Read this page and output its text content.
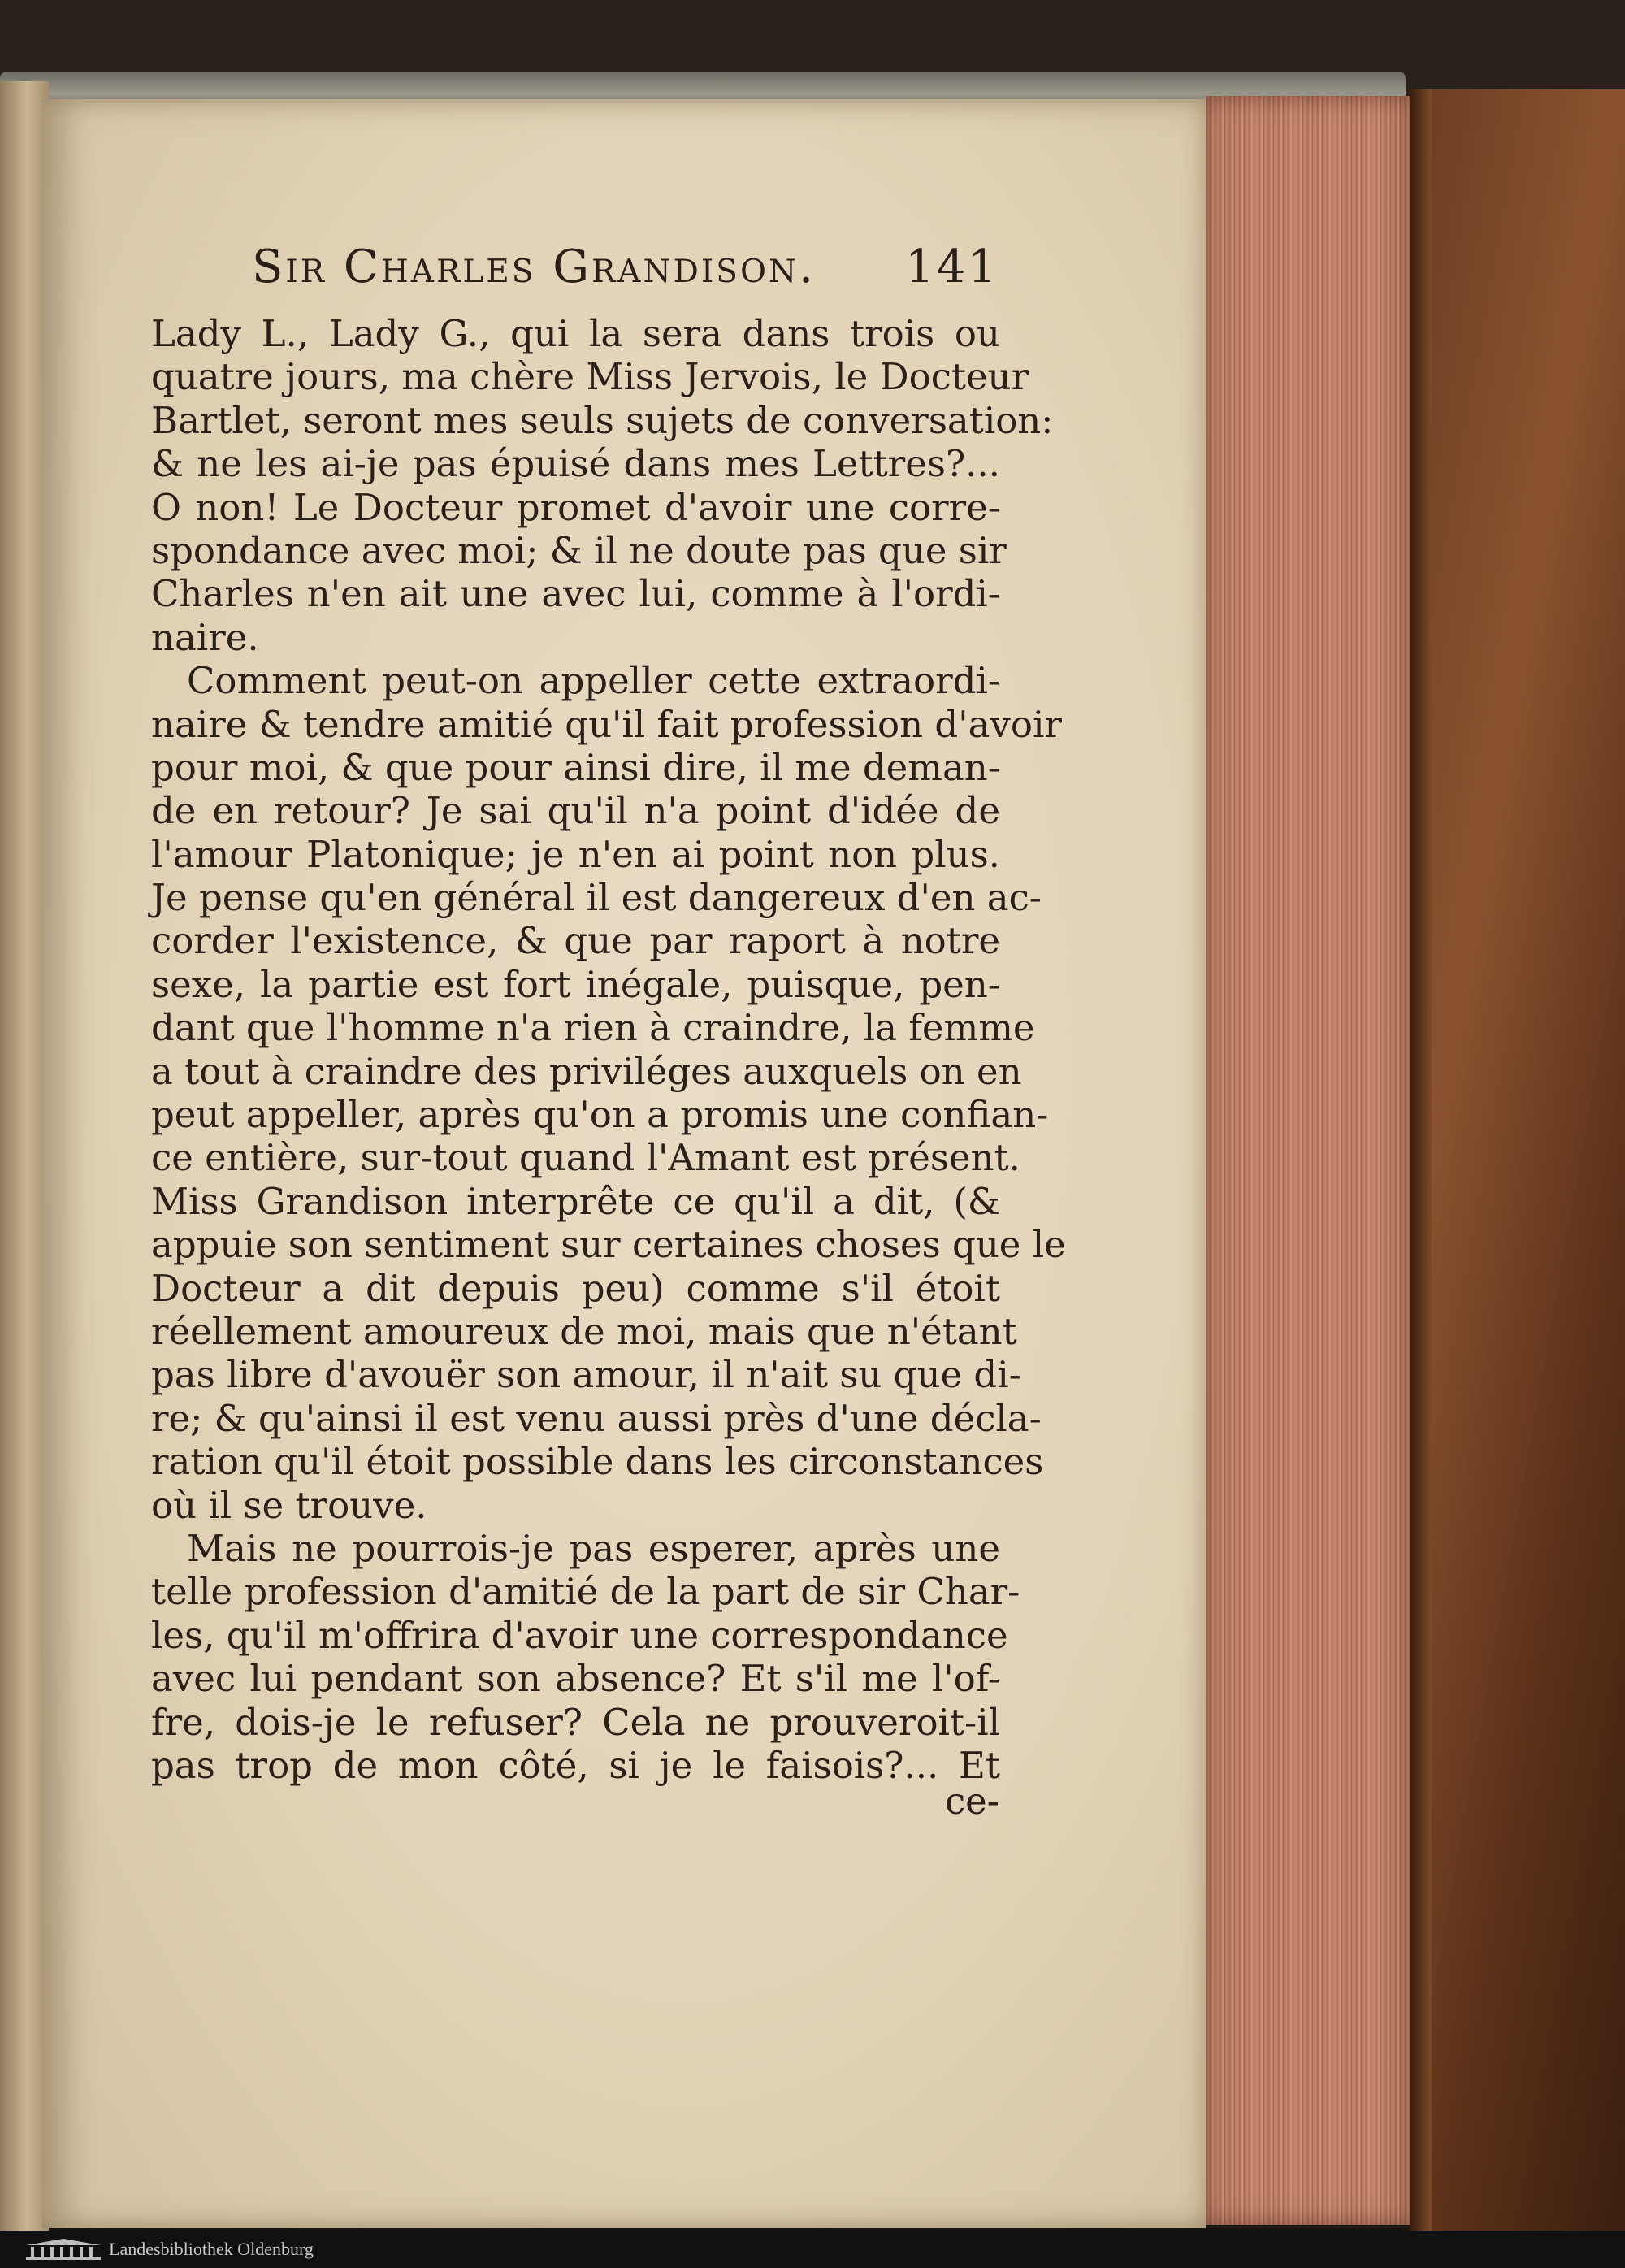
Sir Charles Grandison. 141
Lady L., Lady G., qui la sera dans trois ou
quatre jours, ma chère Miss Jervois, le Docteur
Bartlet, seront mes seuls sujets de conversation:
& ne les ai-je pas épuisé dans mes Lettres?...
O non! Le Docteur promet d'avoir une corre-
spondance avec moi; & il ne doute pas que sir
Charles n'en ait une avec lui, comme à l'ordi-
naire.
Comment peut-on appeller cette extraordi-
naire & tendre amitié qu'il fait profession d'avoir
pour moi, & que pour ainsi dire, il me deman-
de en retour? Je sai qu'il n'a point d'idée de
l'amour Platonique; je n'en ai point non plus.
Je pense qu'en général il est dangereux d'en ac-
corder l'existence, & que par raport à notre
sexe, la partie est fort inégale, puisque, pen-
dant que l'homme n'a rien à craindre, la femme
a tout à craindre des priviléges auxquels on en
peut appeller, après qu'on a promis une confian-
ce entière, sur-tout quand l'Amant est présent.
Miss Grandison interprête ce qu'il a dit, (&
appuie son sentiment sur certaines choses que le
Docteur a dit depuis peu) comme s'il étoit
réellement amoureux de moi, mais que n'étant
pas libre d'avouër son amour, il n'ait su que di-
re; & qu'ainsi il est venu aussi près d'une décla-
ration qu'il étoit possible dans les circonstances
où il se trouve.
Mais ne pourrois-je pas esperer, après une
telle profession d'amitié de la part de sir Char-
les, qu'il m'offrira d'avoir une correspondance
avec lui pendant son absence? Et s'il me l'of-
fre, dois-je le refuser? Cela ne prouveroit-il
pas trop de mon côté, si je le faisois?... Et
ce-
Landesbibliothek Oldenburg
